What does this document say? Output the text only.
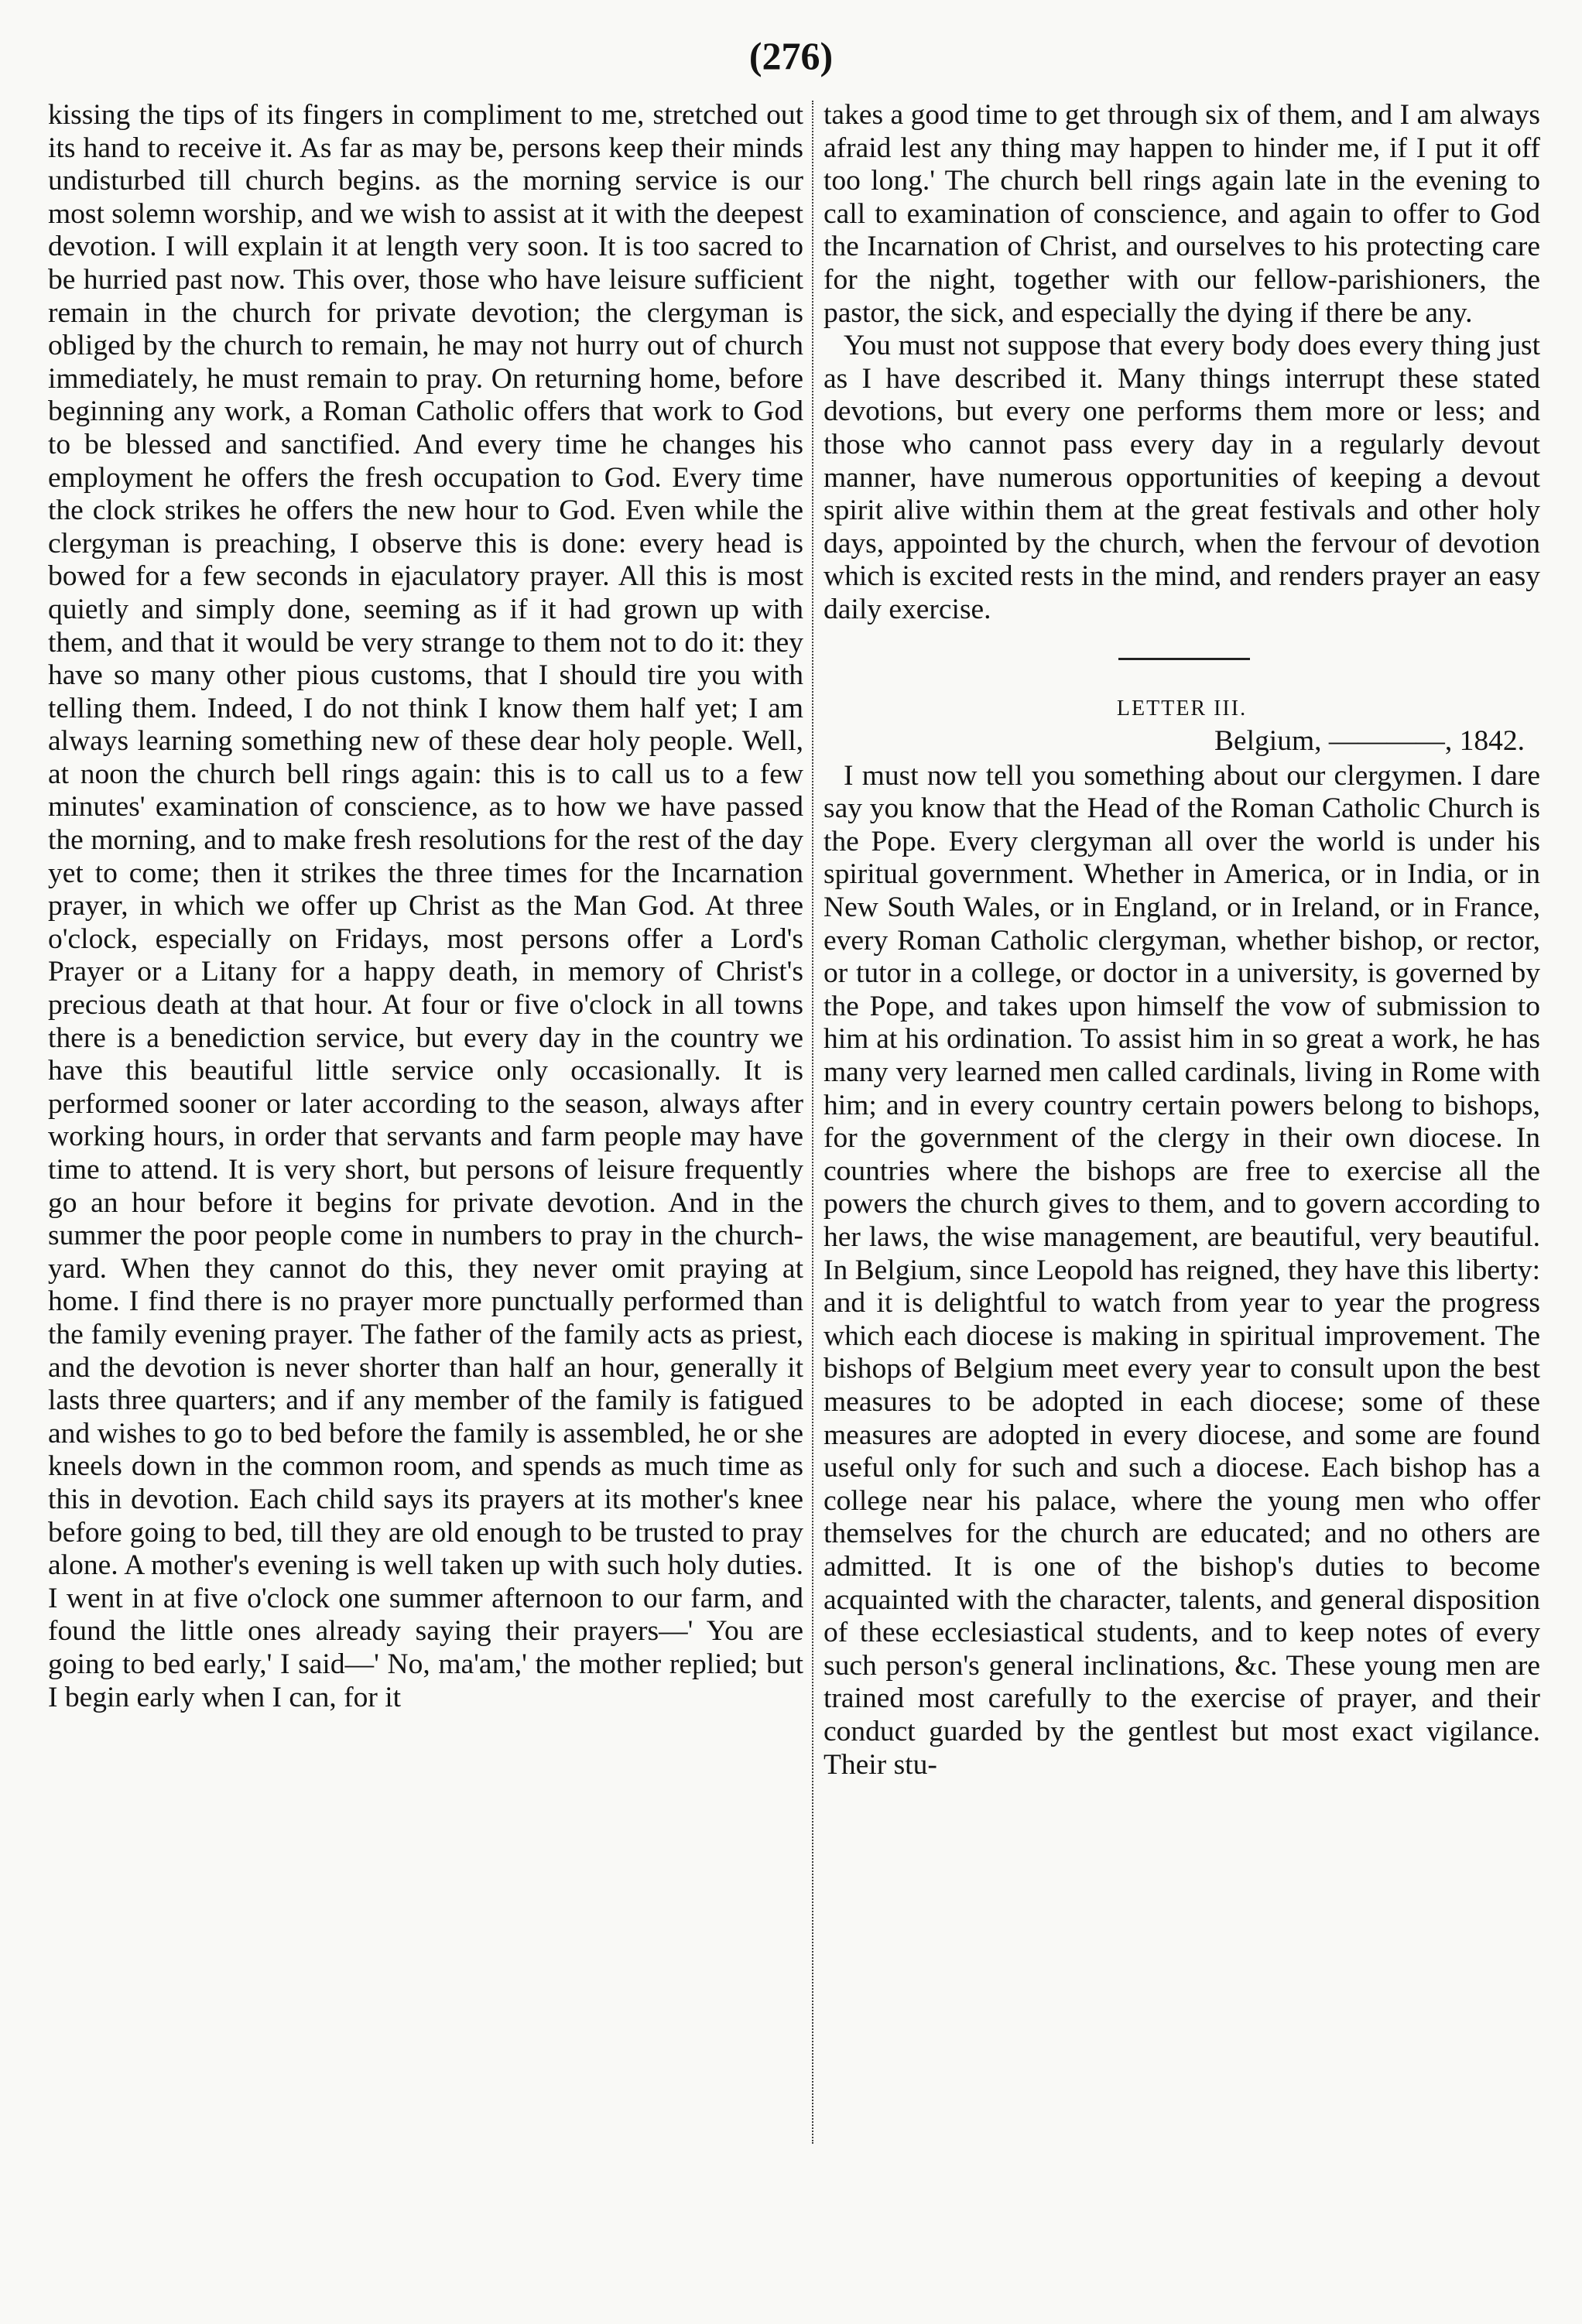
(276)

kissing the tips of its fingers in compliment to me, stretched out its hand to receive it. As far as may be, persons keep their minds undisturbed till church begins. as the morning service is our most solemn worship, and we wish to assist at it with the deepest devotion. I will explain it at length very soon. It is too sacred to be hurried past now. This over, those who have leisure sufficient remain in the church for private devotion; the clergyman is obliged by the church to remain, he may not hurry out of church immediately, he must remain to pray. On returning home, before beginning any work, a Roman Catholic offers that work to God to be blessed and sanctified. And every time he changes his employment he offers the fresh occupation to God. Every time the clock strikes he offers the new hour to God. Even while the clergyman is preaching, I observe this is done: every head is bowed for a few seconds in ejaculatory prayer. All this is most quietly and simply done, seeming as if it had grown up with them, and that it would be very strange to them not to do it: they have so many other pious customs, that I should tire you with telling them. Indeed, I do not think I know them half yet; I am always learning something new of these dear holy people. Well, at noon the church bell rings again: this is to call us to a few minutes' examination of conscience, as to how we have passed the morning, and to make fresh resolutions for the rest of the day yet to come; then it strikes the three times for the Incarnation prayer, in which we offer up Christ as the Man God. At three o'clock, especially on Fridays, most persons offer a Lord's Prayer or a Litany for a happy death, in memory of Christ's precious death at that hour. At four or five o'clock in all towns there is a benediction service, but every day in the country we have this beautiful little service only occasionally. It is performed sooner or later according to the season, always after working hours, in order that servants and farm people may have time to attend. It is very short, but persons of leisure frequently go an hour before it begins for private devotion. And in the summer the poor people come in numbers to pray in the church-yard. When they cannot do this, they never omit praying at home. I find there is no prayer more punctually performed than the family evening prayer. The father of the family acts as priest, and the devotion is never shorter than half an hour, generally it lasts three quarters; and if any member of the family is fatigued and wishes to go to bed before the family is assembled, he or she kneels down in the common room, and spends as much time as this in devotion. Each child says its prayers at its mother's knee before going to bed, till they are old enough to be trusted to pray alone. A mother's evening is well taken up with such holy duties. I went in at five o'clock one summer afternoon to our farm, and found the little ones already saying their prayers—' You are going to bed early,' I said—' No, ma'am,' the mother replied; but I begin early when I can, for it

takes a good time to get through six of them, and I am always afraid lest any thing may happen to hinder me, if I put it off too long.' The church bell rings again late in the evening to call to examination of conscience, and again to offer to God the Incarnation of Christ, and ourselves to his protecting care for the night, together with our fellow-parishioners, the pastor, the sick, and especially the dying if there be any.

You must not suppose that every body does every thing just as I have described it. Many things interrupt these stated devotions, but every one performs them more or less; and those who cannot pass every day in a regularly devout manner, have numerous opportunities of keeping a devout spirit alive within them at the great festivals and other holy days, appointed by the church, when the fervour of devotion which is excited rests in the mind, and renders prayer an easy daily exercise.

LETTER III.
Belgium, ————, 1842.

I must now tell you something about our clergymen. I dare say you know that the Head of the Roman Catholic Church is the Pope. Every clergyman all over the world is under his spiritual government. Whether in America, or in India, or in New South Wales, or in England, or in Ireland, or in France, every Roman Catholic clergyman, whether bishop, or rector, or tutor in a college, or doctor in a university, is governed by the Pope, and takes upon himself the vow of submission to him at his ordination. To assist him in so great a work, he has many very learned men called cardinals, living in Rome with him; and in every country certain powers belong to bishops, for the government of the clergy in their own diocese. In countries where the bishops are free to exercise all the powers the church gives to them, and to govern according to her laws, the wise management, are beautiful, very beautiful. In Belgium, since Leopold has reigned, they have this liberty: and it is delightful to watch from year to year the progress which each diocese is making in spiritual improvement. The bishops of Belgium meet every year to consult upon the best measures to be adopted in each diocese; some of these measures are adopted in every diocese, and some are found useful only for such and such a diocese. Each bishop has a college near his palace, where the young men who offer themselves for the church are educated; and no others are admitted. It is one of the bishop's duties to become acquainted with the character, talents, and general disposition of these ecclesiastical students, and to keep notes of every such person's general inclinations, &c. These young men are trained most carefully to the exercise of prayer, and their conduct guarded by the gentlest but most exact vigilance. Their stu-
